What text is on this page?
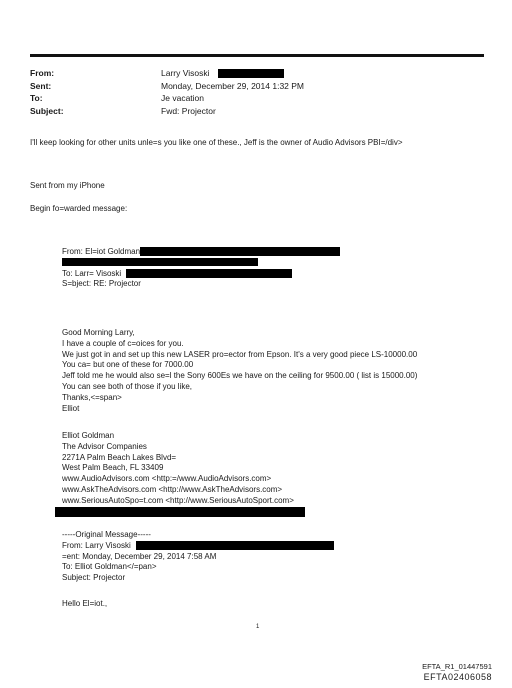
From:	Larry Visoski
Sent:	Monday, December 29, 2014 1:32 PM
To:	Je vacation
Subject:	Fwd: Projector
I'll keep looking for other units unle=s you like one of these., Jeff is the owner of Audio Advisors PBI=/div>
Sent from my iPhone
Begin fo=warded message:
From: El=iot Goldman
To: Larr= Visoski
S=bject: RE: Projector
Good Morning Larry,
I have a couple of c=oices for you.
We just got in and set up this new LASER pro=ector from Epson. It's a very good piece LS-10000.00
You ca= but one of these for 7000.00
Jeff told me he would also se=l the Sony 600Es we have on the ceiling for 9500.00 ( list is 15000.00)
You can see both of those if you like,
Thanks,<=span>
Elliot
Elliot Goldman
The Advisor Companies
2271A Palm Beach Lakes Blvd=
West Palm Beach, FL 33409
www.AudioAdvisors.com <http:=/www.AudioAdvisors.com>
www.AskTheAdvisors.com <http://www.AskTheAdvisors.com>
www.SeriousAutoSpo=t.com <http://www.SeriousAutoSport.com>
-----Original Message-----
From: Larry Visoski
=ent: Monday, December 29, 2014 7:58 AM
To: Elliot Goldman</=pan>
Subject: Projector
Hello El=iot.,
1
EFTA_R1_01447591
EFTA02406058
